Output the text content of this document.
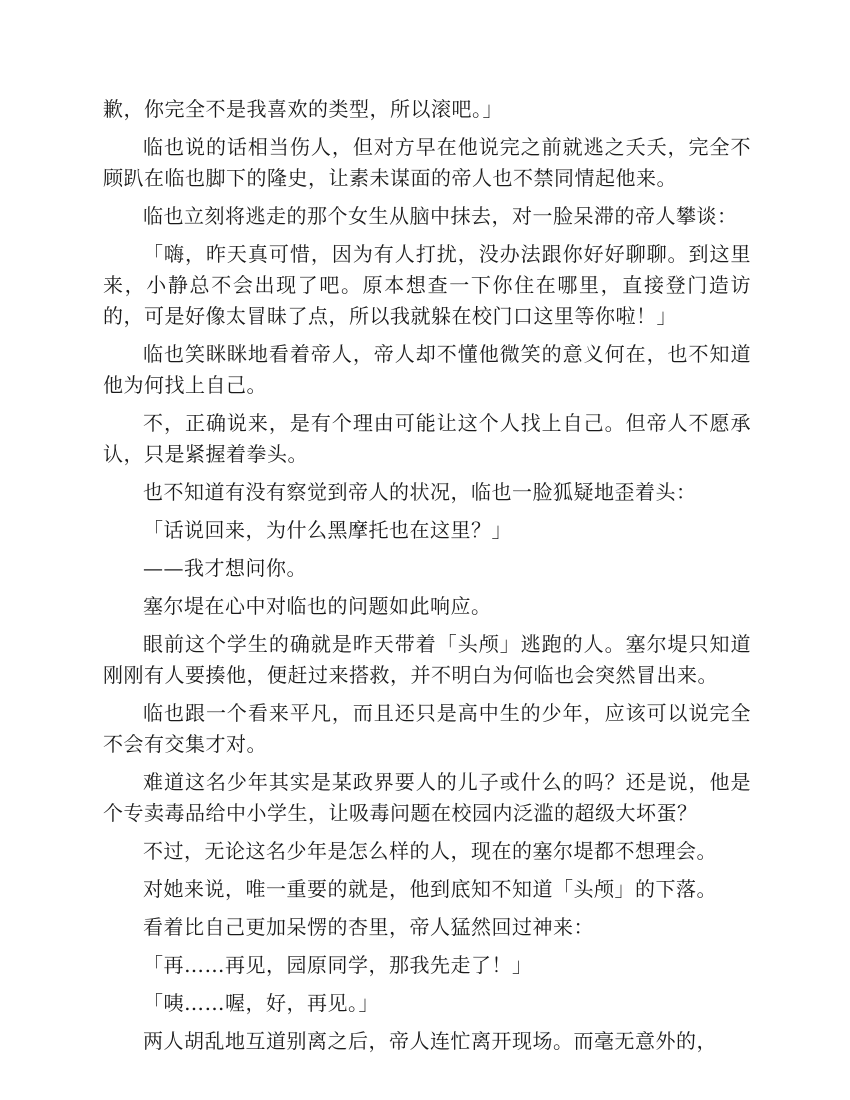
歉，你完全不是我喜欢的类型，所以滚吧。」

临也说的话相当伤人，但对方早在他说完之前就逃之夭夭，完全不顾趴在临也脚下的隆史，让素未谋面的帝人也不禁同情起他来。

临也立刻将逃走的那个女生从脑中抹去，对一脸呆滞的帝人攀谈：

「嗨，昨天真可惜，因为有人打扰，没办法跟你好好聊聊。到这里来，小静总不会出现了吧。原本想查一下你住在哪里，直接登门造访的，可是好像太冒昧了点，所以我就躲在校门口这里等你啦！」

临也笑眯眯地看着帝人，帝人却不懂他微笑的意义何在，也不知道他为何找上自己。

不，正确说来，是有个理由可能让这个人找上自己。但帝人不愿承认，只是紧握着拳头。

也不知道有没有察觉到帝人的状况，临也一脸狐疑地歪着头：

「话说回来，为什么黑摩托也在这里？」

——我才想问你。

塞尔堤在心中对临也的问题如此响应。

眼前这个学生的确就是昨天带着「头颅」逃跑的人。塞尔堤只知道刚刚有人要揍他，便赶过来搭救，并不明白为何临也会突然冒出来。

临也跟一个看来平凡，而且还只是高中生的少年，应该可以说完全不会有交集才对。

难道这名少年其实是某政界要人的儿子或什么的吗？还是说，他是个专卖毒品给中小学生，让吸毒问题在校园内泛滥的超级大坏蛋？

不过，无论这名少年是怎么样的人，现在的塞尔堤都不想理会。

对她来说，唯一重要的就是，他到底知不知道「头颅」的下落。

看着比自己更加呆愣的杏里，帝人猛然回过神来：

「再……再见，园原同学，那我先走了！」

「咦……喔，好，再见。」

两人胡乱地互道别离之后，帝人连忙离开现场。而毫无意外的，
